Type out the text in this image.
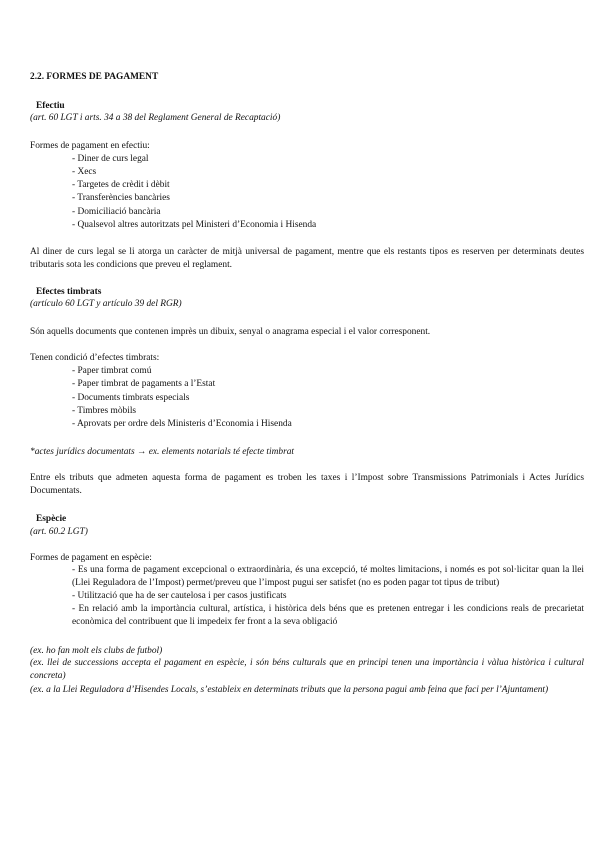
2.2. FORMES DE PAGAMENT
Efectiu
(art. 60 LGT i arts. 34 a 38 del Reglament General de Recaptació)
Formes de pagament en efectiu:
- Diner de curs legal
- Xecs
- Targetes de crèdit i dèbit
- Transferències bancàries
- Domiciliació bancària
- Qualsevol altres autoritzats pel Ministeri d’Economia i Hisenda
Al diner de curs legal se li atorga un caràcter de mitjà universal de pagament, mentre que els restants tipos es reserven per determinats deutes tributaris sota les condicions que preveu el reglament.
Efectes timbrats
(artículo 60 LGT y artículo 39 del RGR)
Són aquells documents que contenen imprès un dibuix, senyal o anagrama especial i el valor corresponent.
Tenen condició d’efectes timbrats:
- Paper timbrat comú
- Paper timbrat de pagaments a l’Estat
- Documents timbrats especials
- Timbres mòbils
- Aprovats per ordre dels Ministeris d’Economia i Hisenda
*actes jurídics documentats → ex. elements notarials té efecte timbrat
Entre els tributs que admeten aquesta forma de pagament es troben les taxes i l’Impost sobre Transmissions Patrimonials i Actes Jurídics Documentats.
Espècie
(art. 60.2 LGT)
Formes de pagament en espècie:
- Es una forma de pagament excepcional o extraordinària, és una excepció, té moltes limitacions, i només es pot sol·licitar quan la llei (Llei Reguladora de l’Impost) permet/preveu que l’impost pugui ser satisfet (no es poden pagar tot tipus de tribut)
- Utilització que ha de ser cautelosa i per casos justificats
- En relació amb la importància cultural, artística, i històrica dels béns que es pretenen entregar i les condicions reals de precarietat econòmica del contribuent que li impedeix fer front a la seva obligació
(ex. ho fan molt els clubs de futbol)
(ex. llei de successions accepta el pagament en espècie, i són béns culturals que en principi tenen una importància i vàlua històrica i cultural concreta)
(ex. a la Llei Reguladora d’Hisendes Locals, s’estableix en determinats tributs que la persona pagui amb feina que faci per l’Ajuntament)
